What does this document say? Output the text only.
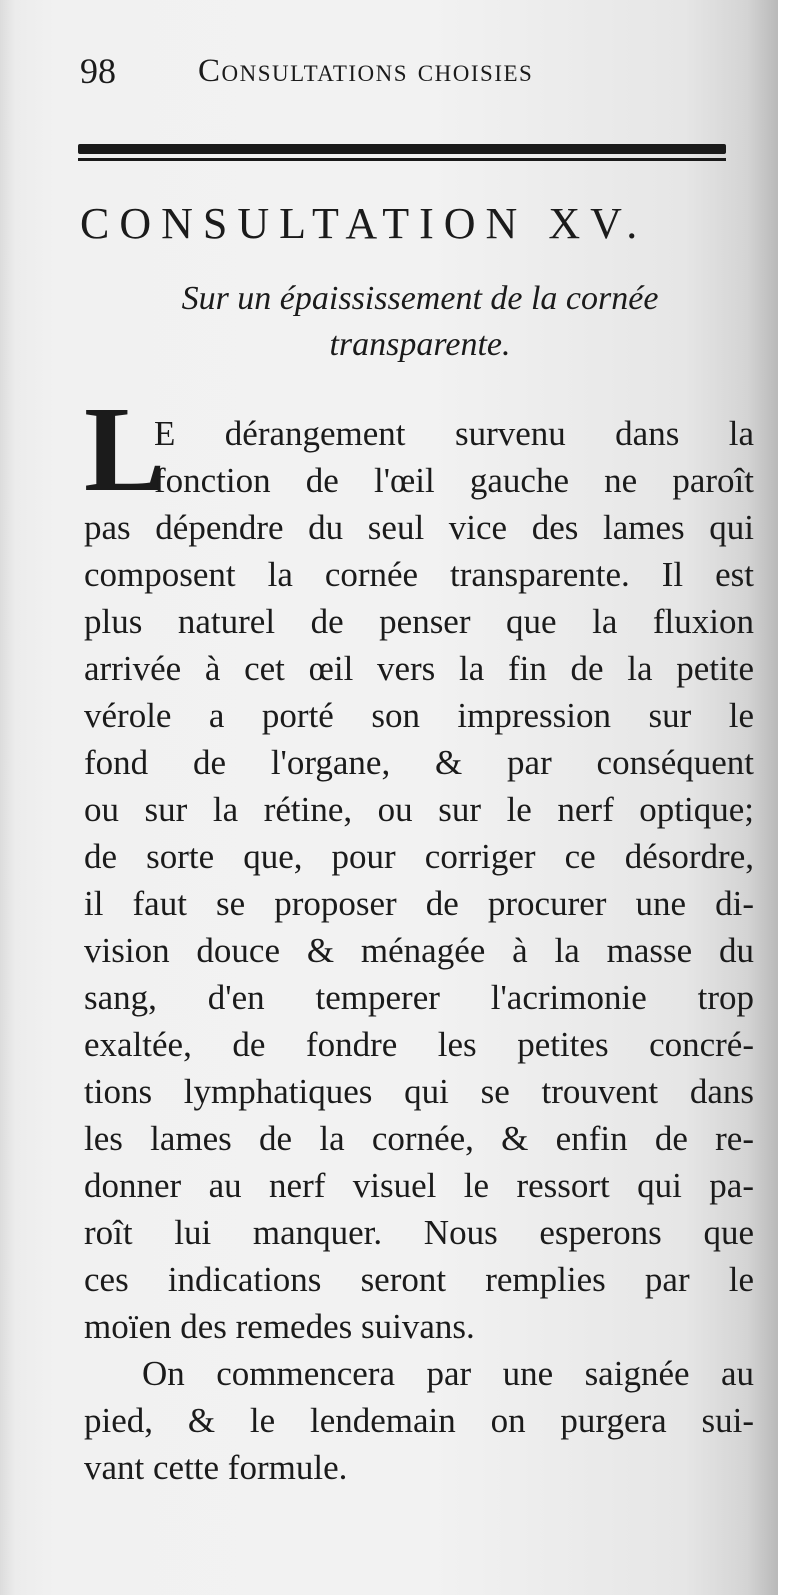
98 Consultations choisies
CONSULTATION XV.
Sur un épaississement de la cornée
transparente.
L
E dérangement survenu dans la
fonction de l'œil gauche ne paroît
pas dépendre du seul vice des lames qui
composent la cornée transparente. Il est
plus naturel de penser que la fluxion
arrivée à cet œil vers la fin de la petite
vérole a porté son impression sur le
fond de l'organe, & par conséquent
ou sur la rétine, ou sur le nerf optique;
de sorte que, pour corriger ce désordre,
il faut se proposer de procurer une di-
vision douce & ménagée à la masse du
sang, d'en temperer l'acrimonie trop
exaltée, de fondre les petites concré-
tions lymphatiques qui se trouvent dans
les lames de la cornée, & enfin de re-
donner au nerf visuel le ressort qui pa-
roît lui manquer. Nous esperons que
ces indications seront remplies par le
moïen des remedes suivans.
On commencera par une saignée au
pied, & le lendemain on purgera sui-
vant cette formule.
